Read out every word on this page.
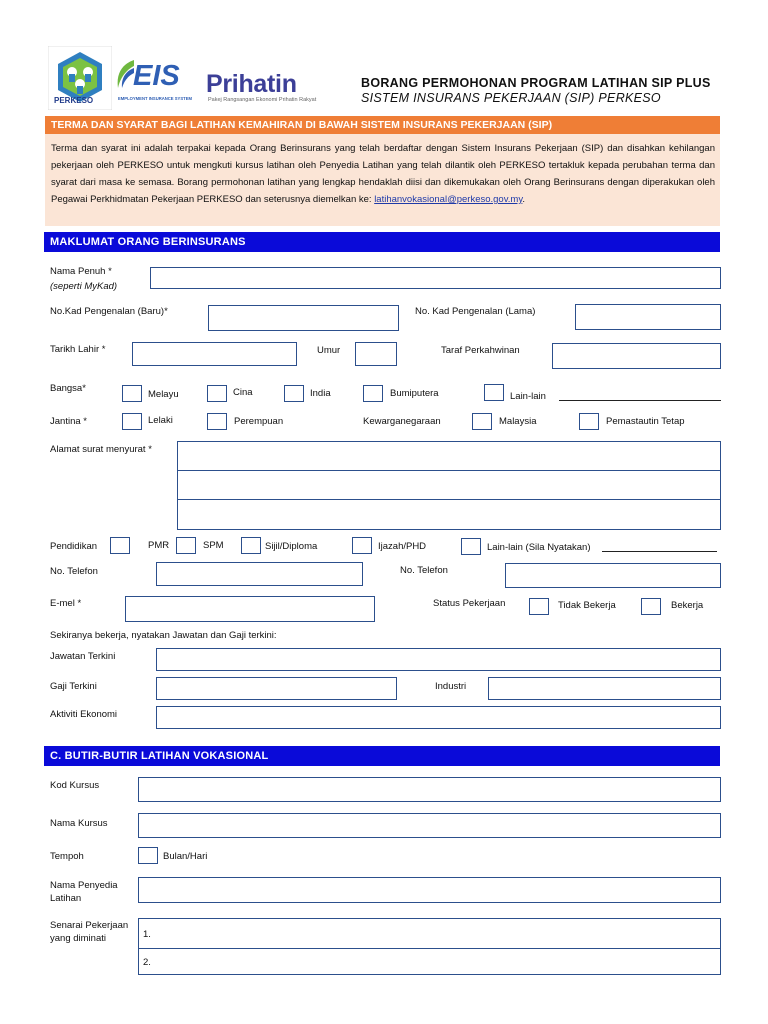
PERKESO
EIS
EMPLOYMENT INSURANCE SYSTEM
Prihatin
Pakej Rangsangan Ekonomi Prihatin Rakyat
BORANG PERMOHONAN PROGRAM LATIHAN SIP PLUS
SISTEM INSURANS PEKERJAAN (SIP) PERKESO
TERMA DAN SYARAT BAGI LATIHAN KEMAHIRAN DI BAWAH SISTEM INSURANS PEKERJAAN (SIP)
Terma dan syarat ini adalah terpakai kepada Orang Berinsurans yang telah berdaftar dengan Sistem Insurans Pekerjaan (SIP) dan disahkan kehilangan pekerjaan oleh PERKESO untuk mengkuti kursus latihan oleh Penyedia Latihan yang telah dilantik oleh PERKESO tertakluk kepada perubahan terma dan syarat dari masa ke semasa. Borang permohonan latihan yang lengkap hendaklah diisi dan dikemukakan oleh Orang Berinsurans dengan diperakukan oleh Pegawai Perkhidmatan Pekerjaan PERKESO dan seterusnya diemelkan ke: latihanvokasional@perkeso.gov.my.
MAKLUMAT ORANG BERINSURANS
Nama Penuh *
(seperti MyKad)
No.Kad Pengenalan (Baru)*	No. Kad Pengenalan (Lama)
Tarikh Lahir *	Umur	Taraf Perkahwinan
Bangsa*
Melayu	Cina	India	Bumiputera	Lain-lain
Jantina *	Lelaki	Perempuan	Kewarganegaraan	Malaysia	Pemastautin Tetap
Alamat surat menyurat *
Pendidikan	PMR	SPM	Sijil/Diploma	Ijazah/PHD	Lain-lain (Sila Nyatakan)
No. Telefon	No. Telefon
E-mel *	Status Pekerjaan	Tidak Bekerja	Bekerja
Sekiranya bekerja, nyatakan Jawatan dan Gaji terkini:
Jawatan Terkini
Gaji Terkini	Industri
Aktiviti Ekonomi
C. BUTIR-BUTIR LATIHAN VOKASIONAL
Kod Kursus
Nama Kursus
Tempoh	Bulan/Hari
Nama Penyedia
Latihan
Senarai Pekerjaan
yang diminati	1.
2.
